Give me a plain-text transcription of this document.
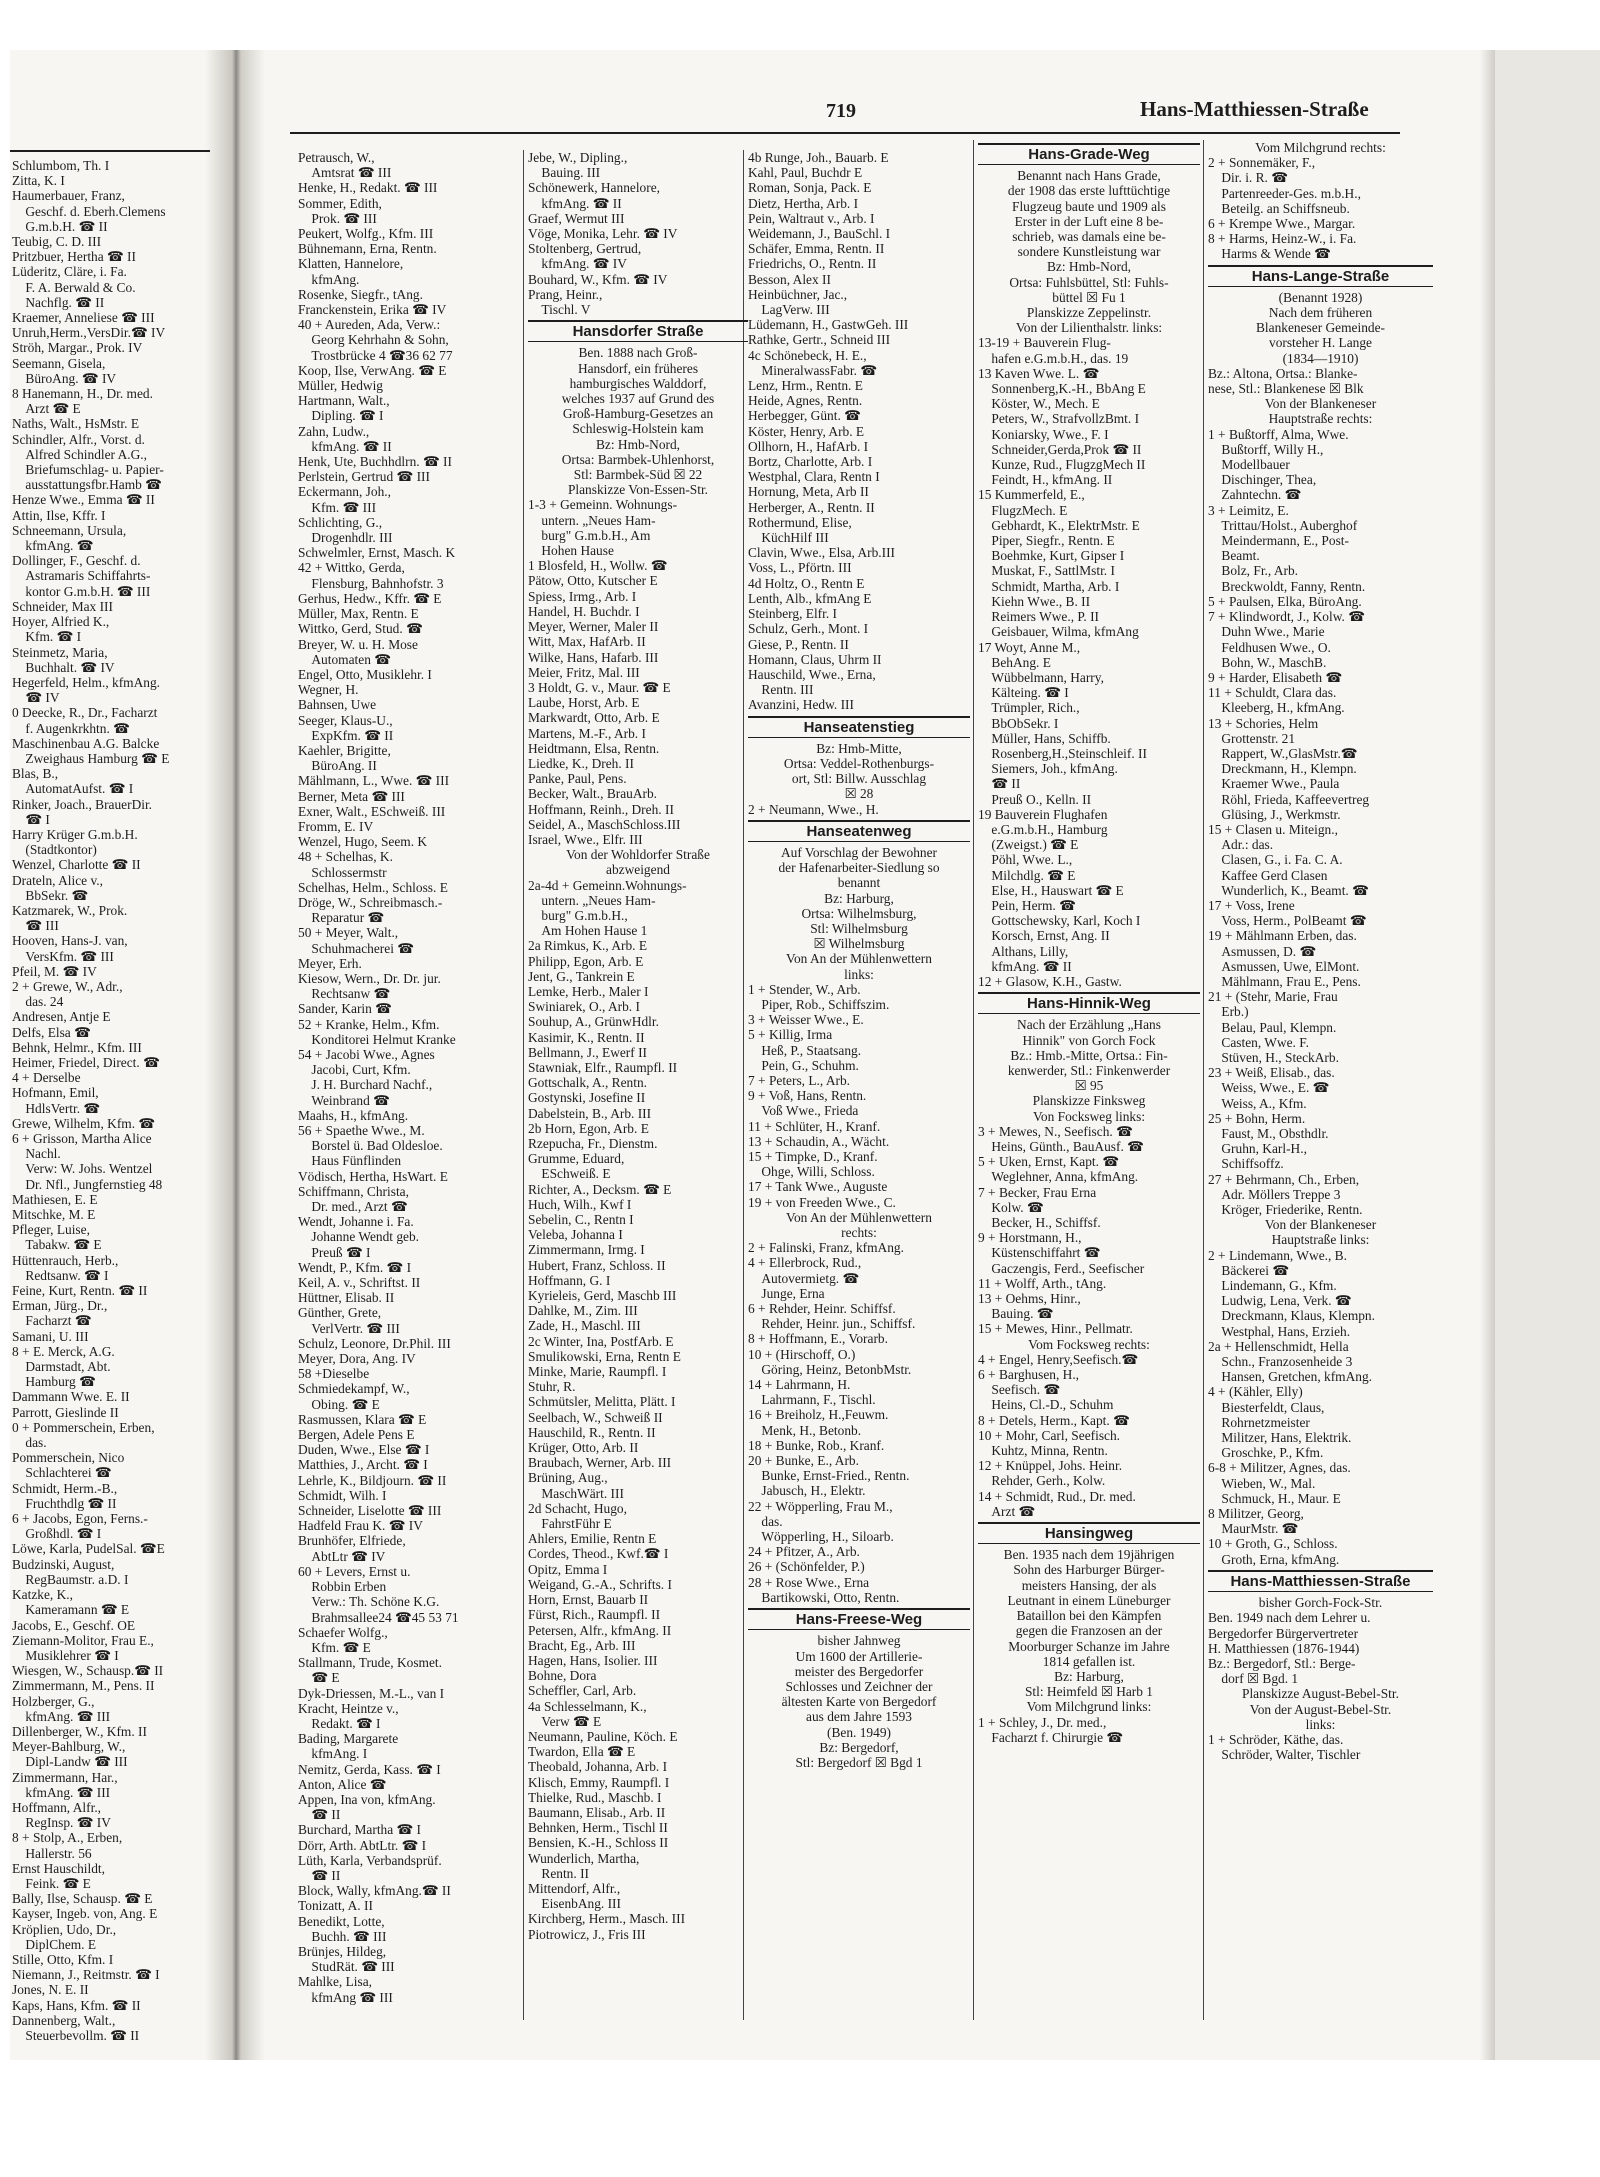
719	Hans-Matthiessen-Straße
Schlumbom, Th. I
Zitta, K. I
Haumerbauer, Franz,
 Geschf. d. Eberh.Clemens
 G.m.b.H. ☎ II
Teubig, C. D. III
Pritzbuer, Hertha ☎ II
Lüderitz, Cläre, i. Fa.
 F. A. Berwald & Co.
 Nachflg. ☎ II
Kraemer, Anneliese ☎ III
Unruh,Herm.,VersDir.☎ IV
Ströh, Margar., Prok. IV
Seemann, Gisela,
 BüroAng. ☎ IV
8 Hanemann, H., Dr. med.
 Arzt ☎ E
Naths, Walt., HsMstr. E
Schindler, Alfr., Vorst. d.
 Alfred Schindler A.G.,
 Briefumschlag- u. Papier-
 ausstattungsfbr.Hamb ☎
Henze Wwe., Emma ☎ II
Attin, Ilse, Kffr. I
Schneemann, Ursula,
 kfmAng. ☎
Dollinger, F., Geschf. d.
 Astramaris Schiffahrts-
 kontor G.m.b.H. ☎ III
Schneider, Max III
Hoyer, Alfried K.,
 Kfm. ☎ I
Steinmetz, Maria,
 Buchhalt. ☎ IV
Hegerfeld, Helm., kfmAng.
 ☎ IV
0 Deecke, R., Dr., Facharzt
 f. Augenkrkhtn. ☎
Maschinenbau A.G. Balcke
 Zweighaus Hamburg ☎ E
Blas, B.,
 AutomatAufst. ☎ I
Rinker, Joach., BrauerDir.
 ☎ I
Harry Krüger G.m.b.H.
 (Stadtkontor)
Wenzel, Charlotte ☎ II
Drateln, Alice v.,
 BbSekr. ☎
Katzmarek, W., Prok.
 ☎ III
Hooven, Hans-J. van,
 VersKfm. ☎ III
Pfeil, M. ☎ IV
2 + Grewe, W., Adr.,
 das. 24
Andresen, Antje E
Delfs, Elsa ☎
Behnk, Helmr., Kfm. III
Heimer, Friedel, Direct. ☎
4 + Derselbe
Hofmann, Emil,
 HdlsVertr. ☎
Grewe, Wilhelm, Kfm. ☎
6 + Grisson, Martha Alice
 Nachl.
 Verw: W. Johs. Wentzel
 Dr. Nfl., Jungfernstieg 48
Mathiesen, E. E
Mitschke, M. E
Pfleger, Luise,
 Tabakw. ☎ E
Hüttenrauch, Herb.,
 Redtsanw. ☎ I
Feine, Kurt, Rentn. ☎ II
Erman, Jürg., Dr.,
 Facharzt ☎
Samani, U. III
8 + E. Merck, A.G.
 Darmstadt, Abt.
 Hamburg ☎
Dammann Wwe. E. II
Parrott, Gieslinde II
0 + Pommerschein, Erben,
 das.
Pommerschein, Nico
 Schlachterei ☎
Schmidt, Herm.-B.,
 Fruchthdlg ☎ II
6 + Jacobs, Egon, Ferns.-
 Großhdl. ☎ I
Löwe, Karla, PudelSal. ☎E
Budzinski, August,
 RegBaumstr. a.D. I
Katzke, K.,
 Kameramann ☎ E
Jacobs, E., Geschf. OE
Ziemann-Molitor, Frau E.,
 Musiklehrer ☎ I
Wiesgen, W., Schausp.☎ II
Zimmermann, M., Pens. II
Holzberger, G.,
 kfmAng. ☎ III
Dillenberger, W., Kfm. II
Meyer-Bahlburg, W.,
 Dipl-Landw ☎ III
Zimmermann, Har.,
 kfmAng. ☎ III
Hoffmann, Alfr.,
 RegInsp. ☎ IV
8 + Stolp, A., Erben,
 Hallerstr. 56
Ernst Hauschildt,
 Feink. ☎ E
Bally, Ilse, Schausp. ☎ E
Kayser, Ingeb. von, Ang. E
Kröplien, Udo, Dr.,
 DiplChem. E
Stille, Otto, Kfm. I
Niemann, J., Reitmstr. ☎ I
Jones, N. E. II
Kaps, Hans, Kfm. ☎ II
Dannenberg, Walt.,
 Steuerbevollm. ☎ II
Petrausch, W.,
 Amtsrat ☎ III
Henke, H., Redakt. ☎ III
Sommer, Edith,
 Prok. ☎ III
Peukert, Wolfg., Kfm. III
Bühnemann, Erna, Rentn.
Klatten, Hannelore,
 kfmAng.
Rosenke, Siegfr., tAng.
Franckenstein, Erika ☎ IV
40 + Aureden, Ada, Verw.:
 Georg Kehrhahn & Sohn,
 Trostbrücke 4 ☎36 62 77
Koop, Ilse, VerwAng. ☎ E
Müller, Hedwig
Hartmann, Walt.,
 Dipling. ☎ I
Zahn, Ludw.,
 kfmAng. ☎ II
Henk, Ute, Buchhdlrn. ☎ II
Perlstein, Gertrud ☎ III
Eckermann, Joh.,
 Kfm. ☎ III
Schlichting, G.,
 Drogenhdlr. III
Schwelmler, Ernst, Masch. K
42 + Wittko, Gerda,
 Flensburg, Bahnhofstr. 3
Gerhus, Hedw., Kffr. ☎ E
Müller, Max, Rentn. E
Wittko, Gerd, Stud. ☎
Breyer, W. u. H. Mose
 Automaten ☎
Engel, Otto, Musiklehr. I
Wegner, H.
Bahnsen, Uwe
Seeger, Klaus-U.,
 ExpKfm. ☎ II
Kaehler, Brigitte,
 BüroAng. II
Mählmann, L., Wwe. ☎ III
Berner, Meta ☎ III
Exner, Walt., ESchweiß. III
Fromm, E. IV
Wenzel, Hugo, Seem. K
48 + Schelhas, K.
 Schlossermstr
Schelhas, Helm., Schloss. E
Dröge, W., Schreibmasch.-
 Reparatur ☎
50 + Meyer, Walt.,
 Schuhmacherei ☎
Meyer, Erh.
Kiesow, Wern., Dr. Dr. jur.
 Rechtsanw ☎
Sander, Karin ☎
52 + Kranke, Helm., Kfm.
 Konditorei Helmut Kranke
54 + Jacobi Wwe., Agnes
 Jacobi, Curt, Kfm.
 J. H. Burchard Nachf.,
 Weinbrand ☎
Maahs, H., kfmAng.
56 + Spaethe Wwe., M.
 Borstel ü. Bad Oldesloe.
 Haus Fünflinden
Vödisch, Hertha, HsWart. E
Schiffmann, Christa,
 Dr. med., Arzt ☎
Wendt, Johanne i. Fa.
 Johanne Wendt geb.
 Preuß ☎ I
Wendt, P., Kfm. ☎ I
Keil, A. v., Schriftst. II
Hüttner, Elisab. II
Günther, Grete,
 VerlVertr. ☎ III
Schulz, Leonore, Dr.Phil. III
Meyer, Dora, Ang. IV
58 +Dieselbe
Schmiedekampf, W.,
 Obing. ☎ E
Rasmussen, Klara ☎ E
Bergen, Adele Pens E
Duden, Wwe., Else ☎ I
Matthies, J., Archt. ☎ I
Lehrle, K., Bildjourn. ☎ II
Schmidt, Wilh. I
Schneider, Liselotte ☎ III
Hadfeld Frau K. ☎ IV
Brunhöfer, Elfriede,
 AbtLtr ☎ IV
60 + Levers, Ernst u.
 Robbin Erben
 Verw.: Th. Schöne K.G.
 Brahmsallee24 ☎45 53 71
Schaefer Wolfg.,
 Kfm. ☎ E
Stallmann, Trude, Kosmet.
 ☎ E
Dyk-Driessen, M.-L., van I
Kracht, Heintze v.,
 Redakt. ☎ I
Bading, Margarete
 kfmAng. I
Nemitz, Gerda, Kass. ☎ I
Anton, Alice ☎
Appen, Ina von, kfmAng.
 ☎ II
Burchard, Martha ☎ I
Dörr, Arth. AbtLtr. ☎ I
Lüth, Karla, Verbandsprüf.
 ☎ II
Block, Wally, kfmAng.☎ II
Tonizatt, A. II
Benedikt, Lotte,
 Buchh. ☎ III
Brünjes, Hildeg,
 StudRät. ☎ III
Mahlke, Lisa,
 kfmAng ☎ III
Jebe, W., Dipling.,
 Bauing. III
Schönewerk, Hannelore,
 kfmAng. ☎ II
Graef, Wermut III
Vöge, Monika, Lehr. ☎ IV
Stoltenberg, Gertrud,
 kfmAng. ☎ IV
Bouhard, W., Kfm. ☎ IV
Prang, Heinr.,
 Tischl. V
Hansdorfer Straße
Ben. 1888 nach Groß-
Hansdorf, ein früheres
hamburgisches Walddorf,
welches 1937 auf Grund des
Groß-Hamburg-Gesetzes an
Schleswig-Holstein kam
Bz: Hmb-Nord,
Ortsa: Barmbek-Uhlenhorst,
Stl: Barmbek-Süd ☒ 22
Planskizze Von-Essen-Str.
1-3 + Gemeinn. Wohnungs-
 untern. „Neues Ham-
 burg" G.m.b.H., Am
 Hohen Hause
1 Blosfeld, H., Wollw. ☎
Pätow, Otto, Kutscher E
Spiess, Irmg., Arb. I
Handel, H. Buchdr. I
Meyer, Werner, Maler II
Witt, Max, HafArb. II
Wilke, Hans, Hafarb. III
Meier, Fritz, Mal. III
3 Holdt, G. v., Maur. ☎ E
Laube, Horst, Arb. E
Markwardt, Otto, Arb. E
Martens, M.-F., Arb. I
Heidtmann, Elsa, Rentn.
Liedke, K., Dreh. II
Panke, Paul, Pens.
Becker, Walt., BrauArb.
Hoffmann, Reinh., Dreh. II
Seidel, A., MaschSchloss.III
Israel, Wwe., Elfr. III
Von der Wohldorfer Straße
abzweigend
2a-4d + Gemeinn.Wohnungs-
 untern. „Neues Ham-
 burg" G.m.b.H.,
 Am Hohen Hause 1
2a Rimkus, K., Arb. E
Philipp, Egon, Arb. E
Jent, G., Tankrein E
Lemke, Herb., Maler I
Swiniarek, O., Arb. I
Souhup, A., GrünwHdlr.
Kasimir, K., Rentn. II
Bellmann, J., Ewerf II
Stawniak, Elfr., Raumpfl. II
Gottschalk, A., Rentn.
Gostynski, Josefine II
Dabelstein, B., Arb. III
2b Horn, Egon, Arb. E
Rzepucha, Fr., Dienstm.
Grumme, Eduard,
 ESchweiß. E
Richter, A., Decksm. ☎ E
Huch, Wilh., Kwf I
Sebelin, C., Rentn I
Veleba, Johanna I
Zimmermann, Irmg. I
Hubert, Franz, Schloss. II
Hoffmann, G. I
Kyrieleis, Gerd, Maschb III
Dahlke, M., Zim. III
Zade, H., Maschl. III
2c Winter, Ina, PostfArb. E
Smulikowski, Erna, Rentn E
Minke, Marie, Raumpfl. I
Stuhr, R.
Schmütsler, Melitta, Plätt. I
Seelbach, W., Schweiß II
Hauschild, R., Rentn. II
Krüger, Otto, Arb. II
Braubach, Werner, Arb. III
Brüning, Aug.,
 MaschWärt. III
2d Schacht, Hugo,
 FahrstFühr E
Ahlers, Emilie, Rentn E
Cordes, Theod., Kwf.☎ I
Opitz, Emma I
Weigand, G.-A., Schrifts. I
Horn, Ernst, Bauarb II
Fürst, Rich., Raumpfl. II
Petersen, Alfr., kfmAng. II
Bracht, Eg., Arb. III
Hagen, Hans, Isolier. III
Bohne, Dora
Scheffler, Carl, Arb.
4a Schlesselmann, K.,
 Verw ☎ E
Neumann, Pauline, Köch. E
Twardon, Ella ☎ E
Theobald, Johanna, Arb. I
Klisch, Emmy, Raumpfl. I
Thielke, Rud., Maschb. I
Baumann, Elisab., Arb. II
Behnken, Herm., Tischl II
Bensien, K.-H., Schloss II
Wunderlich, Martha,
 Rentn. II
Mittendorf, Alfr.,
 EisenbAng. III
Kirchberg, Herm., Masch. III
Piotrowicz, J., Fris III
4b Runge, Joh., Bauarb. E
Kahl, Paul, Buchdr E
Roman, Sonja, Pack. E
Dietz, Hertha, Arb. I
Pein, Waltraut v., Arb. I
Weidemann, J., BauSchl. I
Schäfer, Emma, Rentn. II
Friedrichs, O., Rentn. II
Besson, Alex II
Heinbüchner, Jac.,
 LagVerw. III
Lüdemann, H., GastwGeh. III
Rathke, Gertr., Schneid III
4c Schönebeck, H. E.,
 MineralwassFabr. ☎
Lenz, Hrm., Rentn. E
Heide, Agnes, Rentn.
Herbegger, Günt. ☎
Köster, Henry, Arb. E
Ollhorn, H., HafArb. I
Bortz, Charlotte, Arb. I
Westphal, Clara, Rentn I
Hornung, Meta, Arb II
Herberger, A., Rentn. II
Rothermund, Elise,
 KüchHilf III
Clavin, Wwe., Elsa, Arb.III
Voss, L., Pförtn. III
4d Holtz, O., Rentn E
Lenth, Alb., kfmAng E
Steinberg, Elfr. I
Schulz, Gerh., Mont. I
Giese, P., Rentn. II
Homann, Claus, Uhrm II
Hauschild, Wwe., Erna,
 Rentn. III
Avanzini, Hedw. III
Hanseatenstieg
Bz: Hmb-Mitte,
Ortsa: Veddel-Rothenburgs-
ort, Stl: Billw. Ausschlag
☒ 28
2 + Neumann, Wwe., H.
Hanseatenweg
Auf Vorschlag der Bewohner
der Hafenarbeiter-Siedlung so
benannt
Bz: Harburg,
Ortsa: Wilhelmsburg,
Stl: Wilhelmsburg
☒ Wilhelmsburg
Von An der Mühlenwettern
links:
1 + Stender, W., Arb.
 Piper, Rob., Schiffszim.
3 + Weisser Wwe., E.
5 + Killig, Irma
 Heß, P., Staatsang.
 Pein, G., Schuhm.
7 + Peters, L., Arb.
9 + Voß, Hans, Rentn.
 Voß Wwe., Frieda
11 + Schlüter, H., Kranf.
13 + Schaudin, A., Wächt.
15 + Timpke, D., Kranf.
 Ohge, Willi, Schloss.
17 + Tank Wwe., Auguste
19 + von Freeden Wwe., C.
Von An der Mühlenwettern
rechts:
2 + Falinski, Franz, kfmAng.
4 + Ellerbrock, Rud.,
 Autovermietg. ☎
 Junge, Erna
6 + Rehder, Heinr. Schiffsf.
 Rehder, Heinr. jun., Schiffsf.
8 + Hoffmann, E., Vorarb.
10 + (Hirschoff, O.)
 Göring, Heinz, BetonbMstr.
14 + Lahrmann, H.
 Lahrmann, F., Tischl.
16 + Breiholz, H.,Feuwm.
 Menk, H., Betonb.
18 + Bunke, Rob., Kranf.
20 + Bunke, E., Arb.
 Bunke, Ernst-Fried., Rentn.
 Jabusch, H., Elektr.
22 + Wöpperling, Frau M.,
 das.
 Wöpperling, H., Siloarb.
24 + Pfitzer, A., Arb.
26 + (Schönfelder, P.)
28 + Rose Wwe., Erna
 Bartikowski, Otto, Rentn.
Hans-Freese-Weg
bisher Jahnweg
Um 1600 der Artillerie-
meister des Bergedorfer
Schlosses und Zeichner der
ältesten Karte von Bergedorf
aus dem Jahre 1593
(Ben. 1949)
Bz: Bergedorf,
Stl: Bergedorf ☒ Bgd 1
Hans-Grade-Weg
Benannt nach Hans Grade,
der 1908 das erste lufttüchtige
Flugzeug baute und 1909 als
Erster in der Luft eine 8 be-
schrieb, was damals eine be-
sondere Kunstleistung war
Bz: Hmb-Nord,
Ortsa: Fuhlsbüttel, Stl: Fuhls-
büttel ☒ Fu 1
Planskizze Zeppelinstr.
Von der Lilienthalstr. links:
13-19 + Bauverein Flug-
 hafen e.G.m.b.H., das. 19
13 Kaven Wwe. L. ☎
 Sonnenberg,K.-H., BbAng E
 Köster, W., Mech. E
 Peters, W., StrafvollzBmt. I
 Koniarsky, Wwe., F. I
 Schneider,Gerda,Prok ☎ II
 Kunze, Rud., FlugzgMech II
 Feindt, H., kfmAng. II
15 Kummerfeld, E.,
 FlugzMech. E
 Gebhardt, K., ElektrMstr. E
 Piper, Siegfr., Rentn. E
 Boehmke, Kurt, Gipser I
 Muskat, F., SattlMstr. I
 Schmidt, Martha, Arb. I
 Kiehn Wwe., B. II
 Reimers Wwe., P. II
 Geisbauer, Wilma, kfmAng
17 Woyt, Anne M.,
 BehAng. E
 Wübbelmann, Harry,
 Kälteing. ☎ I
 Trümpler, Rich.,
 BbObSekr. I
 Müller, Hans, Schiffb.
 Rosenberg,H.,Steinschleif. II
 Siemers, Joh., kfmAng.
 ☎ II
 Preuß O., Kelln. II
19 Bauverein Flughafen
 e.G.m.b.H., Hamburg
 (Zweigst.) ☎ E
 Pöhl, Wwe. L.,
 Milchdlg. ☎ E
 Else, H., Hauswart ☎ E
 Pein, Herm. ☎
 Gottschewsky, Karl, Koch I
 Korsch, Ernst, Ang. II
 Althans, Lilly,
 kfmAng. ☎ II
12 + Glasow, K.H., Gastw.
Hans-Hinnik-Weg
Nach der Erzählung „Hans
Hinnik" von Gorch Fock
Bz.: Hmb.-Mitte, Ortsa.: Fin-
kenwerder, Stl.: Finkenwerder
☒ 95
Planskizze Finksweg
Von Focksweg links:
3 + Mewes, N., Seefisch. ☎
 Heins, Günth., BauAusf. ☎
5 + Uken, Ernst, Kapt. ☎
 Weglehner, Anna, kfmAng.
7 + Becker, Frau Erna
 Kolw. ☎
 Becker, H., Schiffsf.
9 + Horstmann, H.,
 Küstenschiffahrt ☎
 Gaczengis, Ferd., Seefischer
11 + Wolff, Arth., tAng.
13 + Oehms, Hinr.,
 Bauing. ☎
15 + Mewes, Hinr., Pellmatr.
Vom Focksweg rechts:
4 + Engel, Henry,Seefisch.☎
6 + Barghusen, H.,
 Seefisch. ☎
 Heins, Cl.-D., Schuhm
8 + Detels, Herm., Kapt. ☎
10 + Mohr, Carl, Seefisch.
 Kuhtz, Minna, Rentn.
12 + Knüppel, Johs. Heinr.
 Rehder, Gerh., Kolw.
14 + Schmidt, Rud., Dr. med.
 Arzt ☎
Hansingweg
Ben. 1935 nach dem 19jährigen
Sohn des Harburger Bürger-
meisters Hansing, der als
Leutnant in einem Lüneburger
Bataillon bei den Kämpfen
gegen die Franzosen an der
Moorburger Schanze im Jahre
1814 gefallen ist.
Bz: Harburg,
Stl: Heimfeld ☒ Harb 1
Vom Milchgrund links:
1 + Schley, J., Dr. med.,
 Facharzt f. Chirurgie ☎
Vom Milchgrund rechts:
2 + Sonnemäker, F.,
 Dir. i. R. ☎
 Partenreeder-Ges. m.b.H.,
 Beteilg. an Schiffsneub.
6 + Krempe Wwe., Margar.
8 + Harms, Heinz-W., i. Fa.
 Harms & Wende ☎
Hans-Lange-Straße
(Benannt 1928)
Nach dem früheren
Blankeneser Gemeinde-
vorsteher H. Lange
(1834—1910)
Bz.: Altona, Ortsa.: Blanke-
nese, Stl.: Blankenese ☒ Blk
Von der Blankeneser
Hauptstraße rechts:
1 + Bußtorff, Alma, Wwe.
 Bußtorff, Willy H.,
 Modellbauer
 Dischinger, Thea,
 Zahntechn. ☎
3 + Leimitz, E.
 Trittau/Holst., Auberghof
 Meindermann, E., Post-
 Beamt.
 Bolz, Fr., Arb.
 Breckwoldt, Fanny, Rentn.
5 + Paulsen, Elka, BüroAng.
7 + Klindwordt, J., Kolw. ☎
 Duhn Wwe., Marie
 Feldhusen Wwe., O.
 Bohn, W., MaschB.
9 + Harder, Elisabeth ☎
11 + Schuldt, Clara das.
 Kleeberg, H., kfmAng.
13 + Schories, Helm
 Grottenstr. 21
 Rappert, W.,GlasMstr.☎
 Dreckmann, H., Klempn.
 Kraemer Wwe., Paula
 Röhl, Frieda, Kaffeevertreg
 Glüsing, J., Werkmstr.
15 + Clasen u. Miteign.,
 Adr.: das.
 Clasen, G., i. Fa. C. A.
 Kaffee Gerd Clasen
 Wunderlich, K., Beamt. ☎
17 + Voss, Irene
 Voss, Herm., PolBeamt ☎
19 + Mählmann Erben, das.
 Asmussen, D. ☎
 Asmussen, Uwe, ElMont.
 Mählmann, Frau E., Pens.
21 + (Stehr, Marie, Frau
 Erb.)
 Belau, Paul, Klempn.
 Casten, Wwe. F.
 Stüven, H., SteckArb.
23 + Weiß, Elisab., das.
 Weiss, Wwe., E. ☎
 Weiss, A., Kfm.
25 + Bohn, Herm.
 Faust, M., Obsthdlr.
 Gruhn, Karl-H.,
 Schiffsoffz.
27 + Behrmann, Ch., Erben,
 Adr. Möllers Treppe 3
 Kröger, Friederike, Rentn.
Von der Blankeneser
Hauptstraße links:
2 + Lindemann, Wwe., B.
 Bäckerei ☎
 Lindemann, G., Kfm.
 Ludwig, Lena, Verk. ☎
 Dreckmann, Klaus, Klempn.
 Westphal, Hans, Erzieh.
2a + Hellenschmidt, Hella
 Schn., Franzosenheide 3
 Hansen, Gretchen, kfmAng.
4 + (Kähler, Elly)
 Biesterfeldt, Claus,
 Rohrnetzmeister
 Militzer, Hans, Elektrik.
 Groschke, P., Kfm.
6-8 + Militzer, Agnes, das.
 Wieben, W., Mal.
 Schmuck, H., Maur. E
8 Militzer, Georg,
 MaurMstr. ☎
10 + Groth, G., Schloss.
 Groth, Erna, kfmAng.
Hans-Matthiessen-Straße
bisher Gorch-Fock-Str.
Ben. 1949 nach dem Lehrer u.
Bergedorfer Bürgervertreter
H. Matthiessen (1876-1944)
Bz.: Bergedorf, Stl.: Berge-
 dorf ☒ Bgd. 1
Planskizze August-Bebel-Str.
Von der August-Bebel-Str.
links:
1 + Schröder, Käthe, das.
 Schröder, Walter, Tischler
